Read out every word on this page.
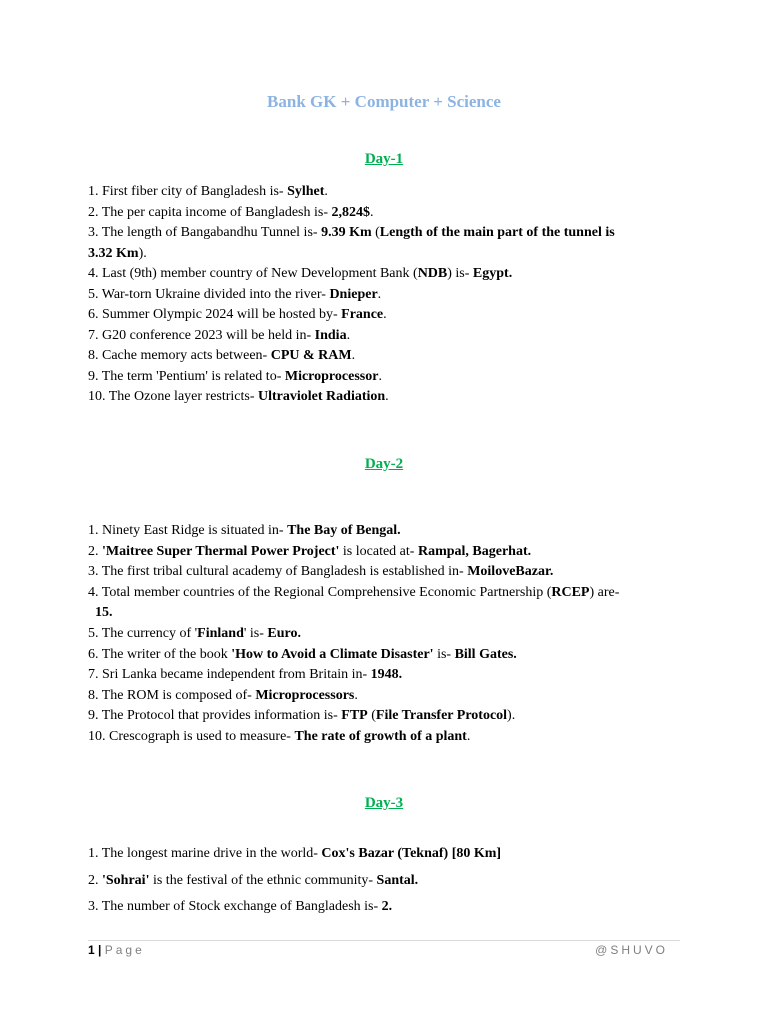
Bank GK + Computer + Science
Day-1
1. First fiber city of Bangladesh is- Sylhet.
2. The per capita income of Bangladesh is- 2,824$.
3. The length of Bangabandhu Tunnel is- 9.39 Km (Length of the main part of the tunnel is
3.32 Km).
4. Last (9th) member country of New Development Bank (NDB) is- Egypt.
5. War-torn Ukraine divided into the river- Dnieper.
6. Summer Olympic 2024 will be hosted by- France.
7. G20 conference 2023 will be held in- India.
8. Cache memory acts between- CPU & RAM.
9. The term 'Pentium' is related to- Microprocessor.
10. The Ozone layer restricts- Ultraviolet Radiation.
Day-2
1. Ninety East Ridge is situated in- The Bay of Bengal.
2. 'Maitree Super Thermal Power Project' is located at- Rampal, Bagerhat.
3. The first tribal cultural academy of Bangladesh is established in- MoiloveBazar.
4. Total member countries of the Regional Comprehensive Economic Partnership (RCEP) are-
15.
5. The currency of 'Finland' is- Euro.
6. The writer of the book 'How to Avoid a Climate Disaster' is- Bill Gates.
7. Sri Lanka became independent from Britain in- 1948.
8. The ROM is composed of- Microprocessors.
9. The Protocol that provides information is- FTP (File Transfer Protocol).
10. Crescograph is used to measure- The rate of growth of a plant.
Day-3
1. The longest marine drive in the world- Cox's Bazar (Teknaf) [80 Km]
2. 'Sohrai' is the festival of the ethnic community- Santal.
3. The number of Stock exchange of Bangladesh is- 2.
1 | Page	@SHUVO
